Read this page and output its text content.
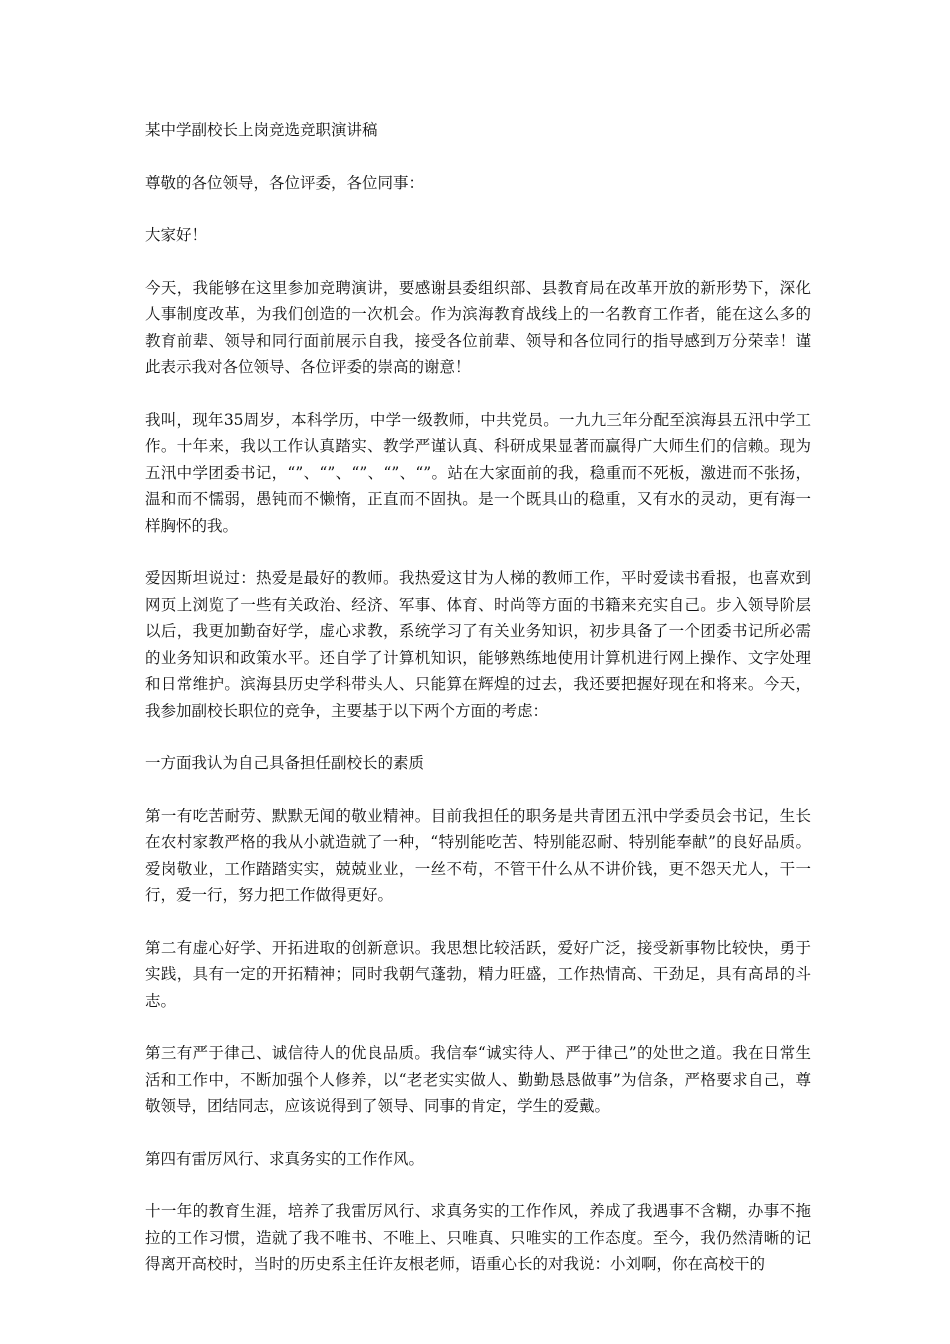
某中学副校长上岗竞选竞职演讲稿

尊敬的各位领导，各位评委，各位同事：

大家好！

今天，我能够在这里参加竞聘演讲，要感谢县委组织部、县教育局在改革开放的新形势下，深化人事制度改革，为我们创造的一次机会。作为滨海教育战线上的一名教育工作者，能在这么多的教育前辈、领导和同行面前展示自我，接受各位前辈、领导和各位同行的指导感到万分荣幸！谨此表示我对各位领导、各位评委的崇高的谢意！

我叫，现年35周岁，本科学历，中学一级教师，中共党员。一九九三年分配至滨海县五汛中学工作。十年来，我以工作认真踏实、教学严谨认真、科研成果显著而赢得广大师生们的信赖。现为五汛中学团委书记，“”、“”、“”、“”、“”。站在大家面前的我，稳重而不死板，激进而不张扬，温和而不懦弱，愚钝而不懒惰，正直而不固执。是一个既具山的稳重，又有水的灵动，更有海一样胸怀的我。

爱因斯坦说过：热爱是最好的教师。我热爱这甘为人梯的教师工作，平时爱读书看报，也喜欢到网页上浏览了一些有关政治、经济、军事、体育、时尚等方面的书籍来充实自己。步入领导阶层以后，我更加勤奋好学，虚心求教，系统学习了有关业务知识，初步具备了一个团委书记所必需的业务知识和政策水平。还自学了计算机知识，能够熟练地使用计算机进行网上操作、文字处理和日常维护。滨海县历史学科带头人、只能算在辉煌的过去，我还要把握好现在和将来。今天，我参加副校长职位的竞争，主要基于以下两个方面的考虑：

一方面我认为自己具备担任副校长的素质

第一有吃苦耐劳、默默无闻的敬业精神。目前我担任的职务是共青团五汛中学委员会书记，生长在农村家教严格的我从小就造就了一种，“特别能吃苦、特别能忍耐、特别能奉献”的良好品质。爱岗敬业，工作踏踏实实，兢兢业业，一丝不苟，不管干什么从不讲价钱，更不怨天尤人，干一行，爱一行，努力把工作做得更好。

第二有虚心好学、开拓进取的创新意识。我思想比较活跃，爱好广泛，接受新事物比较快，勇于实践，具有一定的开拓精神；同时我朝气蓬勃，精力旺盛，工作热情高、干劲足，具有高昂的斗志。

第三有严于律己、诚信待人的优良品质。我信奉“诚实待人、严于律己”的处世之道。我在日常生活和工作中，不断加强个人修养，以“老老实实做人、勤勤恳恳做事”为信条，严格要求自己，尊敬领导，团结同志，应该说得到了领导、同事的肯定，学生的爱戴。

第四有雷厉风行、求真务实的工作作风。

十一年的教育生涯，培养了我雷厉风行、求真务实的工作作风，养成了我遇事不含糊，办事不拖拉的工作习惯，造就了我不唯书、不唯上、只唯真、只唯实的工作态度。至今，我仍然清晰的记得离开高校时，当时的历史系主任许友根老师，语重心长的对我说：小刘啊，你在高校干的
